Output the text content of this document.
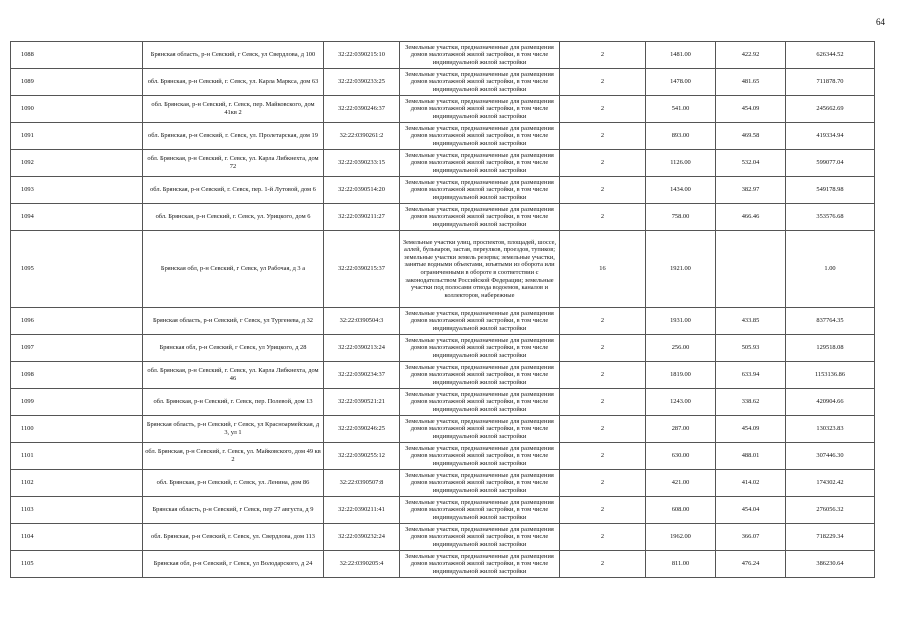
64
1088	Брянская область, р-н Севский, г Севск, ул Свердлова, д 100	32:22:0390215:10	Земельные участки, предназначенные для размещения домов малоэтажной жилой застройки, в том числе индивидуальной жилой застройки	2	1481.00	422.92	626344.52
1089	обл. Брянская, р-н Севский, г. Севск, ул. Карла Маркса, дом 63	32:22:0390233:25	Земельные участки, предназначенные для размещения домов малоэтажной жилой застройки, в том числе индивидуальной жилой застройки	2	1478.00	481.65	711878.70
1090	обл. Брянская, р-н Севский, г. Севск, пер. Майковского, дом 41кв 2	32:22:0390246:37	Земельные участки, предназначенные для размещения домов малоэтажной жилой застройки, в том числе индивидуальной жилой застройки	2	541.00	454.09	245662.69
1091	обл. Брянская, р-н Севский, г. Севск, ул. Пролетарская, дом 19	32:22:0390261:2	Земельные участки, предназначенные для размещения домов малоэтажной жилой застройки, в том числе индивидуальной жилой застройки	2	893.00	469.58	419334.94
1092	обл. Брянская, р-н Севский, г. Севск, ул. Карла Либкнехта, дом 72	32:22:0390233:15	Земельные участки, предназначенные для размещения домов малоэтажной жилой застройки, в том числе индивидуальной жилой застройки	2	1126.00	532.04	599077.04
1093	обл. Брянская, р-н Севский, г. Севск, пер. 1-й Лутовой, дом 6	32:22:0390514:20	Земельные участки, предназначенные для размещения домов малоэтажной жилой застройки, в том числе индивидуальной жилой застройки	2	1434.00	382.97	549178.98
1094	обл. Брянская, р-н Севский, г. Севск, ул. Урицкого, дом 6	32:22:0390211:27	Земельные участки, предназначенные для размещения домов малоэтажной жилой застройки, в том числе индивидуальной жилой застройки	2	758.00	466.46	353576.68
1095	Брянская обл, р-н Севский, г Севск, ул Рабочая, д 3 а	32:22:0390215:37	Земельные участки улиц, проспектов, площадей, шоссе, аллей, бульваров, застав, переулков, проездов, тупиков; земельные участки земель резерва; земельные участки, занятые водными объектами, изъятыми из оборота или ограниченными в обороте в соответствии с законодательством Российской Федерации; земельные участки под полосами отвода водоемов, каналов и коллекторов, набережные	16	1921.00		1.00
1096	Брянская область, р-н Севский, г Севск, ул Тургенева, д 32	32:22:0390504:3	Земельные участки, предназначенные для размещения домов малоэтажной жилой застройки, в том числе индивидуальной жилой застройки	2	1931.00	433.85	837764.35
1097	Брянская обл, р-н Севский, г Севск, ул Урицкого, д 28	32:22:0390213:24	Земельные участки, предназначенные для размещения домов малоэтажной жилой застройки, в том числе индивидуальной жилой застройки	2	256.00	505.93	129518.08
1098	обл. Брянская, р-н Севский, г. Севск, ул. Карла Либкнехта, дом 46	32:22:0390234:37	Земельные участки, предназначенные для размещения домов малоэтажной жилой застройки, в том числе индивидуальной жилой застройки	2	1819.00	633.94	1153136.86
1099	обл. Брянская, р-н Севский, г. Севск, пер. Полевой, дом 13	32:22:0390521:21	Земельные участки, предназначенные для размещения домов малоэтажной жилой застройки, в том числе индивидуальной жилой застройки	2	1243.00	338.62	420904.66
1100	Брянская область, р-н Севский, г Севск, ул Красноармейская, д 3, ул 1	32:22:0390246:25	Земельные участки, предназначенные для размещения домов малоэтажной жилой застройки, в том числе индивидуальной жилой застройки	2	287.00	454.09	130323.83
1101	обл. Брянская, р-н Севский, г. Севск, ул. Майковского, дом 49 кв 2	32:22:0390255:12	Земельные участки, предназначенные для размещения домов малоэтажной жилой застройки, в том числе индивидуальной жилой застройки	2	630.00	488.01	307446.30
1102	обл. Брянская, р-н Севский, г. Севск, ул. Ленина, дом 86	32:22:0390507:8	Земельные участки, предназначенные для размещения домов малоэтажной жилой застройки, в том числе индивидуальной жилой застройки	2	421.00	414.02	174302.42
1103	Брянская область, р-н Севский, г Севск, пер 27 августа, д 9	32:22:0390211:41	Земельные участки, предназначенные для размещения домов малоэтажной жилой застройки, в том числе индивидуальной жилой застройки	2	608.00	454.04	276056.32
1104	обл. Брянская, р-н Севский, г. Севск, ул. Свердлова, дом 113	32:22:0390232:24	Земельные участки, предназначенные для размещения домов малоэтажной жилой застройки, в том числе индивидуальной жилой застройки	2	1962.00	366.07	718229.34
1105	Брянская обл, р-н Севский, г Севск, ул Володарского, д 24	32:22:0390205:4	Земельные участки, предназначенные для размещения домов малоэтажной жилой застройки, в том числе индивидуальной жилой застройки	2	811.00	476.24	386230.64
